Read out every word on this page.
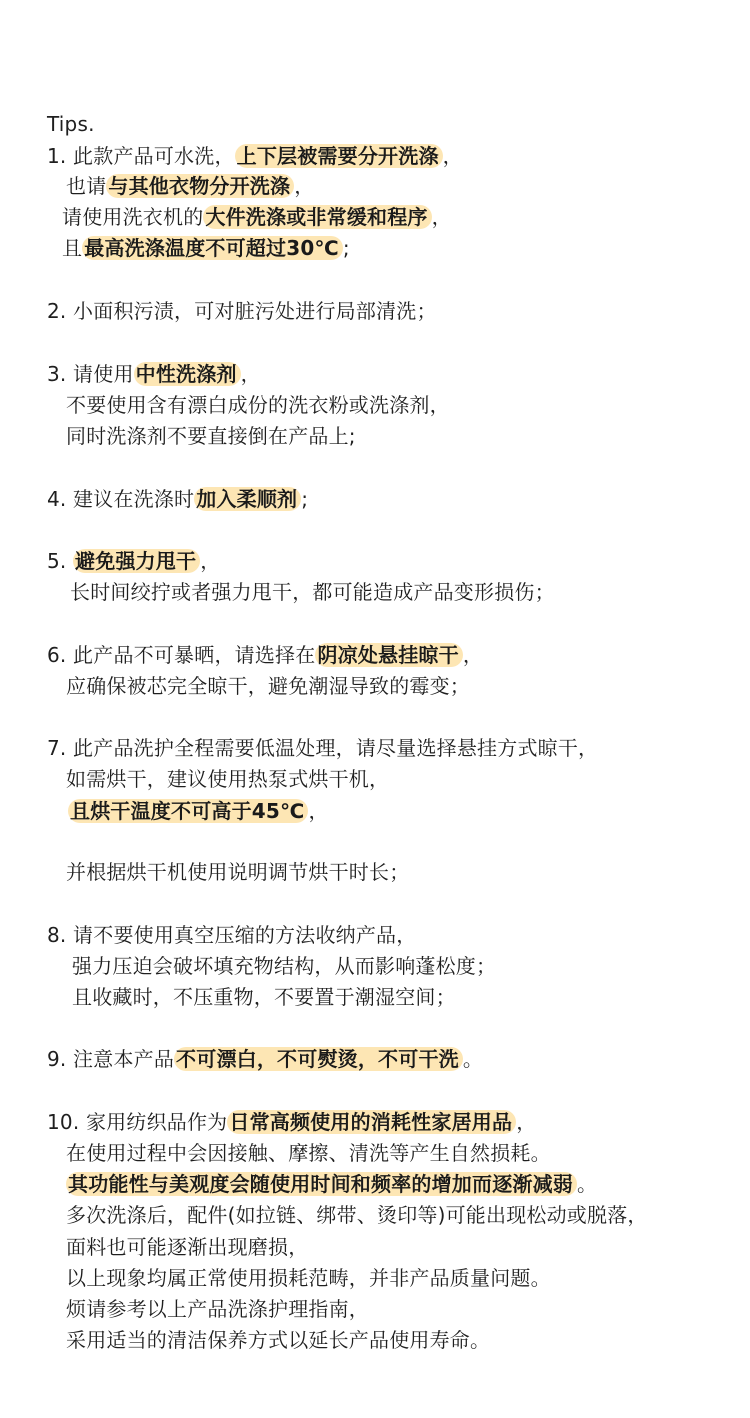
Tips.
1. 此款产品可水洗， 上下层被需要分开洗涤 ，
也请 与其他衣物分开洗涤 ，
请使用洗衣机的 大件洗涤或非常缓和程序 ，
且 最高洗涤温度不可超过30℃ ;
2. 小面积污渍，可对脏污处进行局部清洗；
3. 请使用 中性洗涤剂 ，
不要使用含有漂白成份的洗衣粉或洗涤剂，
同时洗涤剂不要直接倒在产品上;
4. 建议在洗涤时 加入柔顺剂 ;
5. 避免强力甩干 ，
长时间绞拧或者强力甩干，都可能造成产品变形损伤；
6. 此产品不可暴晒，请选择在 阴凉处悬挂晾干 ，
应确保被芯完全晾干，避免潮湿导致的霉变；
7. 此产品洗护全程需要低温处理，请尽量选择悬挂方式晾干，
如需烘干，建议使用热泵式烘干机，
且烘干温度不可高于45℃ ，
并根据烘干机使用说明调节烘干时长；
8. 请不要使用真空压缩的方法收纳产品，
强力压迫会破坏填充物结构，从而影响蓬松度；
且收藏时，不压重物，不要置于潮湿空间；
9. 注意本产品 不可漂白，不可熨烫，不可干洗 。
10. 家用纺织品作为 日常高频使用的消耗性家居用品 ，
在使用过程中会因接触、摩擦、清洗等产生自然损耗。
其功能性与美观度会随使用时间和频率的增加而逐渐减弱 。
多次洗涤后，配件(如拉链、绑带、烫印等)可能出现松动或脱落，
面料也可能逐渐出现磨损，
以上现象均属正常使用损耗范畴，并非产品质量问题。
烦请参考以上产品洗涤护理指南，
采用适当的清洁保养方式以延长产品使用寿命。
